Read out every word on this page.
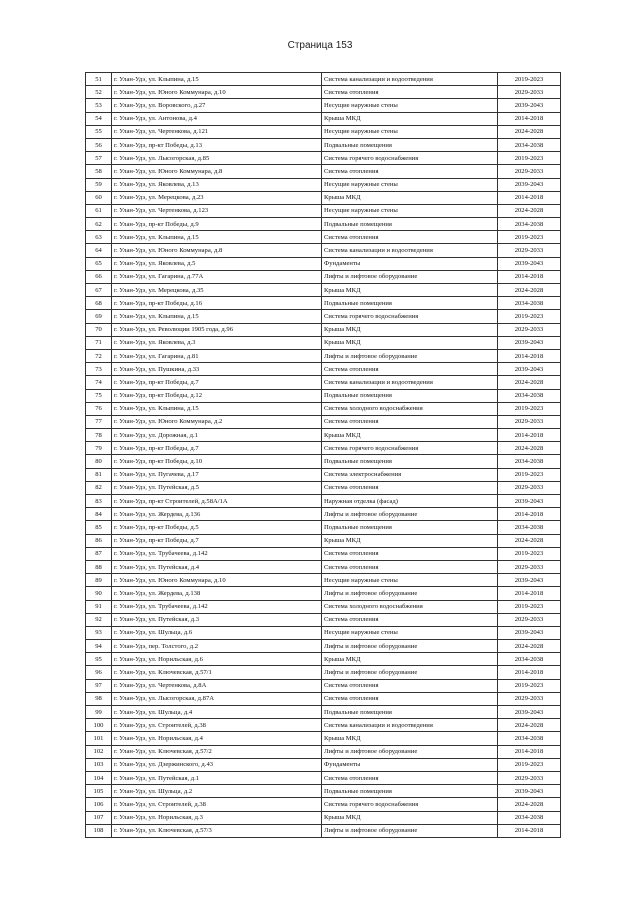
Страница 153
51	г. Улан-Удэ, ул. Клыпина, д.15	Система канализации и водоотведения	2019-2023
52	г. Улан-Удэ, ул. Юного Коммунара, д.10	Система отопления	2029-2033
53	г. Улан-Удэ, ул. Воровского, д.27	Несущие наружные стены	2039-2043
54	г. Улан-Удэ, ул. Антонова, д.4	Крыша МКД	2014-2018
55	г. Улан-Удэ, ул. Чертенкова, д.121	Несущие наружные стены	2024-2028
56	г. Улан-Удэ, пр-кт Победы, д.13	Подвальные помещения	2034-2038
57	г. Улан-Удэ, ул. Лысогорская, д.85	Система горячего водоснабжения	2019-2023
58	г. Улан-Удэ, ул. Юного Коммунара, д.8	Система отопления	2029-2033
59	г. Улан-Удэ, ул. Яковлева, д.13	Несущие наружные стены	2039-2043
60	г. Улан-Удэ, ул. Мерецкова, д.23	Крыша МКД	2014-2018
61	г. Улан-Удэ, ул. Чертенкова, д.123	Несущие наружные стены	2024-2028
62	г. Улан-Удэ, пр-кт Победы, д.9	Подвальные помещения	2034-2038
63	г. Улан-Удэ, ул. Клыпина, д.15	Система отопления	2019-2023
64	г. Улан-Удэ, ул. Юного Коммунара, д.8	Система канализации и водоотведения	2029-2033
65	г. Улан-Удэ, ул. Яковлева, д.5	Фундаменты	2039-2043
66	г. Улан-Удэ, ул. Гагарина, д.77А	Лифты и лифтовое оборудование	2014-2018
67	г. Улан-Удэ, ул. Мерецкова, д.35	Крыша МКД	2024-2028
68	г. Улан-Удэ, пр-кт Победы, д.16	Подвальные помещения	2034-2038
69	г. Улан-Удэ, ул. Клыпина, д.15	Система горячего водоснабжения	2019-2023
70	г. Улан-Удэ, ул. Революции 1905 года, д.96	Крыша МКД	2029-2033
71	г. Улан-Удэ, ул. Яковлева, д.3	Крыша МКД	2039-2043
72	г. Улан-Удэ, ул. Гагарина, д.81	Лифты и лифтовое оборудование	2014-2018
73	г. Улан-Удэ, ул. Пушкина, д.33	Система отопления	2039-2043
74	г. Улан-Удэ, пр-кт Победы, д.7	Система канализации и водоотведения	2024-2028
75	г. Улан-Удэ, пр-кт Победы, д.12	Подвальные помещения	2034-2038
76	г. Улан-Удэ, ул. Клыпина, д.15	Система холодного водоснабжения	2019-2023
77	г. Улан-Удэ, ул. Юного Коммунара, д.2	Система отопления	2029-2033
78	г. Улан-Удэ, ул. Дорожная, д.1	Крыша МКД	2014-2018
79	г. Улан-Удэ, пр-кт Победы, д.7	Система горячего водоснабжения	2024-2028
80	г. Улан-Удэ, пр-кт Победы, д.10	Подвальные помещения	2034-2038
81	г. Улан-Удэ, ул. Пугачева, д.17	Система электроснабжения	2019-2023
82	г. Улан-Удэ, ул. Путейская, д.5	Система отопления	2029-2033
83	г. Улан-Удэ, пр-кт Строителей, д.58А/1А	Наружная отделка (фасад)	2039-2043
84	г. Улан-Удэ, ул. Жердева, д.136	Лифты и лифтовое оборудование	2014-2018
85	г. Улан-Удэ, пр-кт Победы, д.5	Подвальные помещения	2034-2038
86	г. Улан-Удэ, пр-кт Победы, д.7	Крыша МКД	2024-2028
87	г. Улан-Удэ, ул. Трубачеева, д.142	Система отопления	2019-2023
88	г. Улан-Удэ, ул. Путейская, д.4	Система отопления	2029-2033
89	г. Улан-Удэ, ул. Юного Коммунара, д.10	Несущие наружные стены	2039-2043
90	г. Улан-Удэ, ул. Жердева, д.138	Лифты и лифтовое оборудование	2014-2018
91	г. Улан-Удэ, ул. Трубачеева, д.142	Система холодного водоснабжения	2019-2023
92	г. Улан-Удэ, ул. Путейская, д.3	Система отопления	2029-2033
93	г. Улан-Удэ, ул. Шульца, д.6	Несущие наружные стены	2039-2043
94	г. Улан-Удэ, пер. Толстого, д.2	Лифты и лифтовое оборудование	2024-2028
95	г. Улан-Удэ, ул. Норильская, д.6	Крыша МКД	2034-2038
96	г. Улан-Удэ, ул. Ключевская, д.57/1	Лифты и лифтовое оборудование	2014-2018
97	г. Улан-Удэ, ул. Чертенкова, д.8А	Система отопления	2019-2023
98	г. Улан-Удэ, ул. Лысогорская, д.87А	Система отопления	2029-2033
99	г. Улан-Удэ, ул. Шульца, д.4	Подвальные помещения	2039-2043
100	г. Улан-Удэ, ул. Строителей, д.38	Система канализации и водоотведения	2024-2028
101	г. Улан-Удэ, ул. Норильская, д.4	Крыша МКД	2034-2038
102	г. Улан-Удэ, ул. Ключевская, д.57/2	Лифты и лифтовое оборудование	2014-2018
103	г. Улан-Удэ, ул. Дзержинского, д.43	Фундаменты	2019-2023
104	г. Улан-Удэ, ул. Путейская, д.1	Система отопления	2029-2033
105	г. Улан-Удэ, ул. Шульца, д.2	Подвальные помещения	2039-2043
106	г. Улан-Удэ, ул. Строителей, д.38	Система горячего водоснабжения	2024-2028
107	г. Улан-Удэ, ул. Норильская, д.3	Крыша МКД	2034-2038
108	г. Улан-Удэ, ул. Ключевская, д.57/3	Лифты и лифтовое оборудование	2014-2018
